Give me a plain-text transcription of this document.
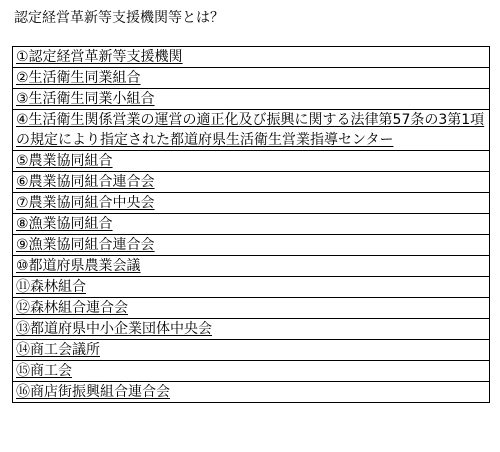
認定経営革新等支援機関等とは？
①認定経営革新等支援機関
②生活衛生同業組合
③生活衛生同業小組合
④生活衛生関係営業の運営の適正化及び振興に関する法律第57条の3第1項の規定により指定された都道府県生活衛生営業指導センター
⑤農業協同組合
⑥農業協同組合連合会
⑦農業協同組合中央会
⑧漁業協同組合
⑨漁業協同組合連合会
⑩都道府県農業会議
⑪森林組合
⑫森林組合連合会
⑬都道府県中小企業団体中央会
⑭商工会議所
⑮商工会
⑯商店街振興組合連合会
